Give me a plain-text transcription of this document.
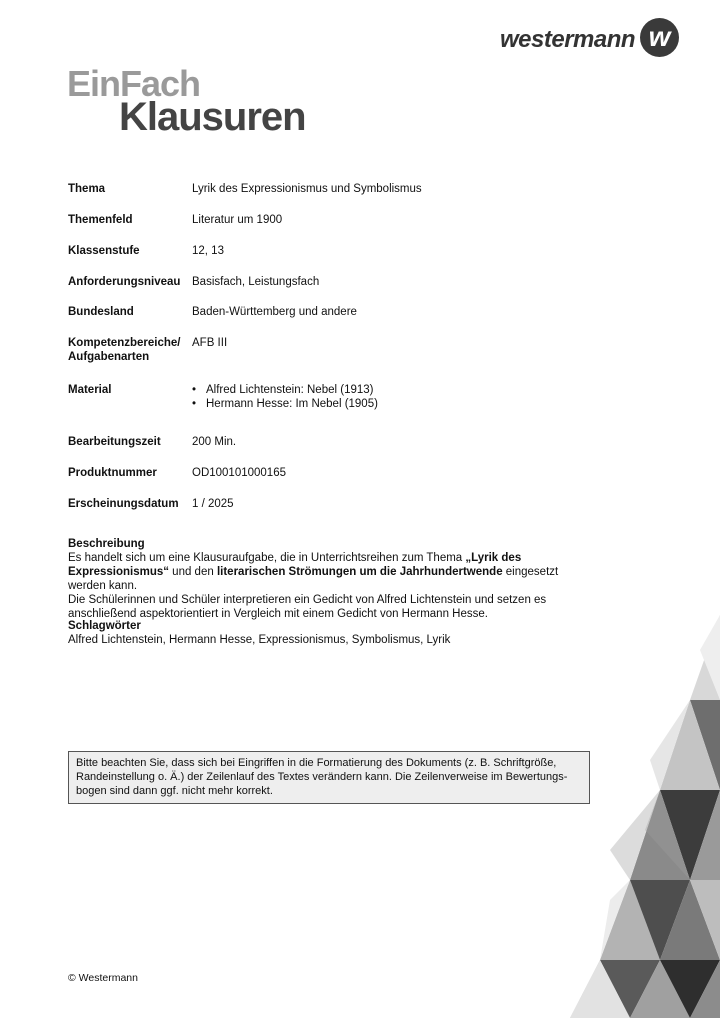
westermann w
EinFach
Klausuren
Thema	Lyrik des Expressionismus und Symbolismus
Themenfeld	Literatur um 1900
Klassenstufe	12, 13
Anforderungsniveau	Basisfach, Leistungsfach
Bundesland	Baden-Württemberg und andere
Kompetenzbereiche/
Aufgabenarten
AFB III
Material
•	Alfred Lichtenstein: Nebel (1913)
• Hermann Hesse: Im Nebel (1905)
Bearbeitungszeit	200 Min.
Produktnummer	OD100101000165
Erscheinungsdatum	1 / 2025
Beschreibung
Es handelt sich um eine Klausuraufgabe, die in Unterrichtsreihen zum Thema „Lyrik des Expressionismus“ und den literarischen Strömungen um die Jahrhundertwende eingesetzt werden kann.
Die Schülerinnen und Schüler interpretieren ein Gedicht von Alfred Lichtenstein und setzen es anschließend aspektorientiert in Vergleich mit einem Gedicht von Hermann Hesse.
Schlagwörter
Alfred Lichtenstein, Hermann Hesse, Expressionismus, Symbolismus, Lyrik
Bitte beachten Sie, dass sich bei Eingriffen in die Formatierung des Dokuments (z. B. Schriftgröße, Randeinstellung o. Ä.) der Zeilenlauf des Textes verändern kann. Die Zeilenverweise im Bewertungsbogen sind dann ggf. nicht mehr korrekt.
© Westermann
